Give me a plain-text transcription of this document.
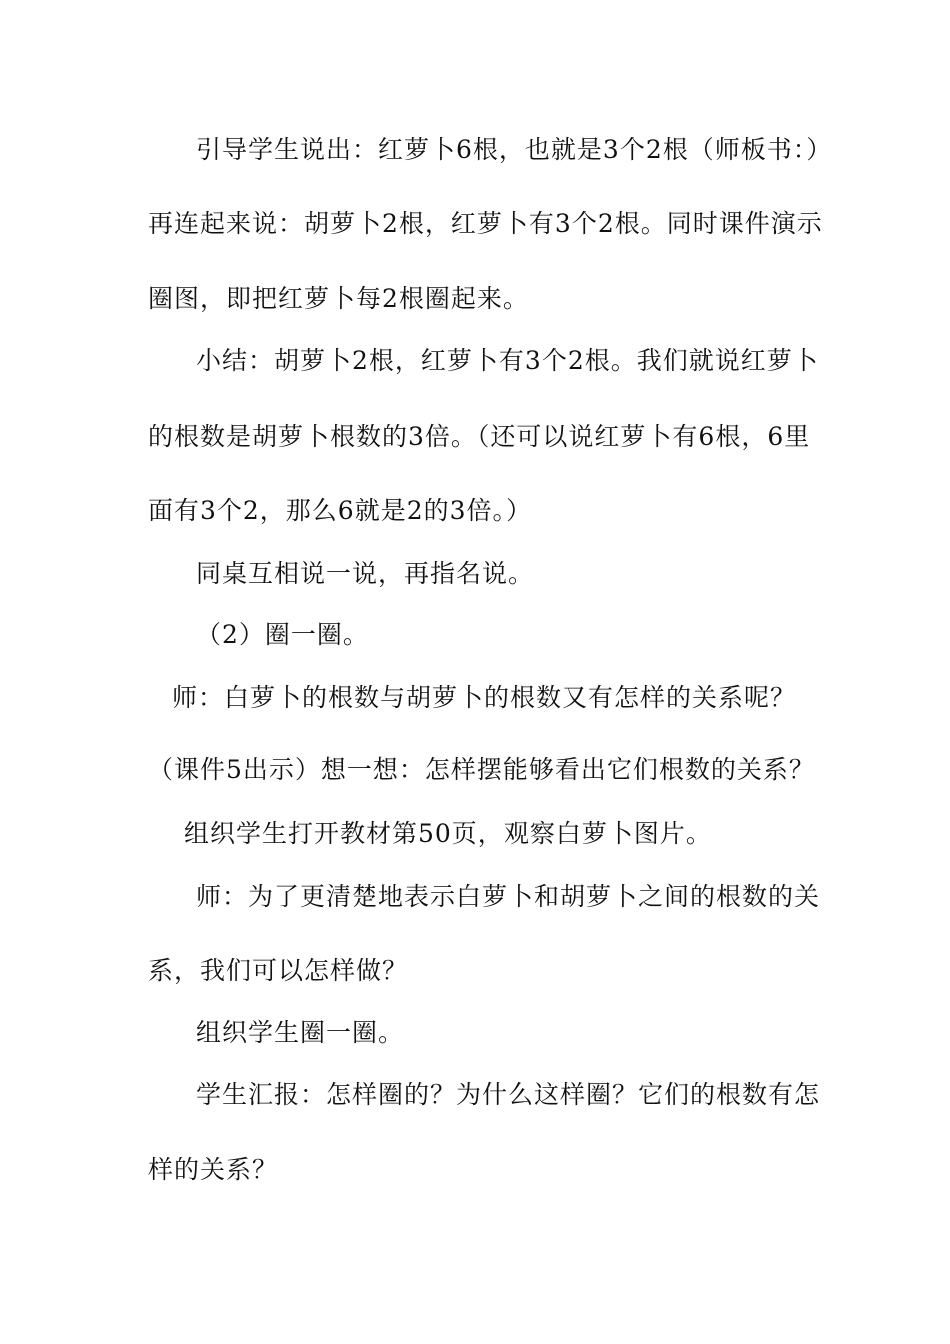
引导学生说出：红萝卜6根，也就是3个2根（师板书：）
再连起来说：胡萝卜2根，红萝卜有3个2根。同时课件演示
圈图，即把红萝卜每2根圈起来。
小结：胡萝卜2根，红萝卜有3个2根。我们就说红萝卜
的根数是胡萝卜根数的3倍。（还可以说红萝卜有6根，6里
面有3个2，那么6就是2的3倍。）
同桌互相说一说，再指名说。
（2）圈一圈。
师：白萝卜的根数与胡萝卜的根数又有怎样的关系呢？
（课件5出示）想一想：怎样摆能够看出它们根数的关系？
组织学生打开教材第50页，观察白萝卜图片。
师：为了更清楚地表示白萝卜和胡萝卜之间的根数的关
系，我们可以怎样做？
组织学生圈一圈。
学生汇报：怎样圈的？为什么这样圈？它们的根数有怎
样的关系？
